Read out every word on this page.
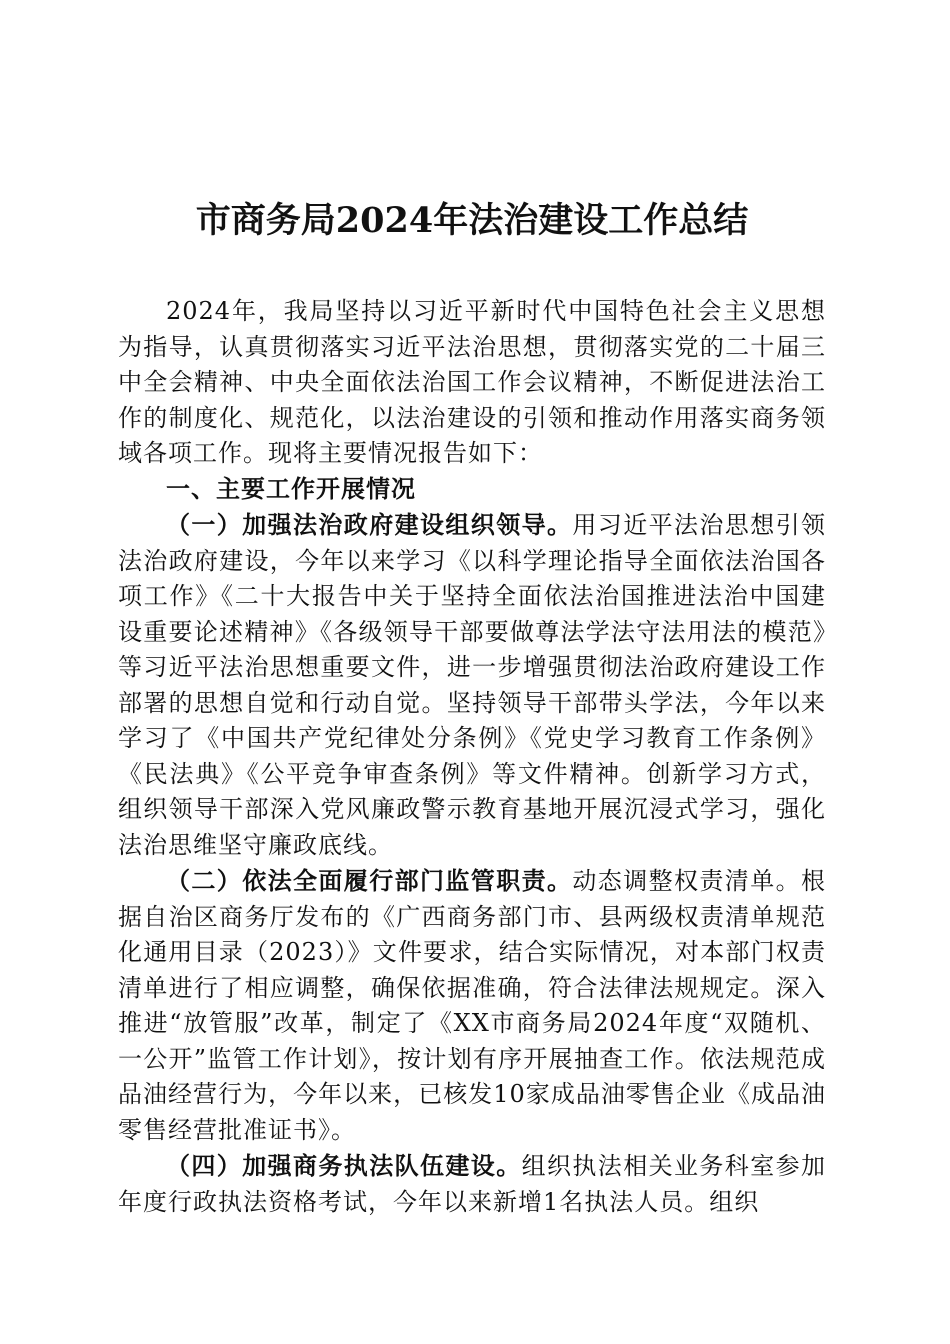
市商务局2024年法治建设工作总结

2024年，我局坚持以习近平新时代中国特色社会主义思想为指导，认真贯彻落实习近平法治思想，贯彻落实党的二十届三中全会精神、中央全面依法治国工作会议精神，不断促进法治工作的制度化、规范化，以法治建设的引领和推动作用落实商务领域各项工作。现将主要情况报告如下：

一、主要工作开展情况

（一）加强法治政府建设组织领导。用习近平法治思想引领法治政府建设，今年以来学习《以科学理论指导全面依法治国各项工作》《二十大报告中关于坚持全面依法治国推进法治中国建设重要论述精神》《各级领导干部要做尊法学法守法用法的模范》等习近平法治思想重要文件，进一步增强贯彻法治政府建设工作部署的思想自觉和行动自觉。坚持领导干部带头学法，今年以来学习了《中国共产党纪律处分条例》《党史学习教育工作条例》《民法典》《公平竞争审查条例》等文件精神。创新学习方式，组织领导干部深入党风廉政警示教育基地开展沉浸式学习，强化法治思维坚守廉政底线。

（二）依法全面履行部门监管职责。动态调整权责清单。根据自治区商务厅发布的《广西商务部门市、县两级权责清单规范化通用目录（2023）》文件要求，结合实际情况，对本部门权责清单进行了相应调整，确保依据准确，符合法律法规规定。深入推进“放管服”改革，制定了《XX市商务局2024年度“双随机、一公开”监管工作计划》，按计划有序开展抽查工作。依法规范成品油经营行为，今年以来，已核发10家成品油零售企业《成品油零售经营批准证书》。

（四）加强商务执法队伍建设。组织执法相关业务科室参加年度行政执法资格考试，今年以来新增1名执法人员。组织
